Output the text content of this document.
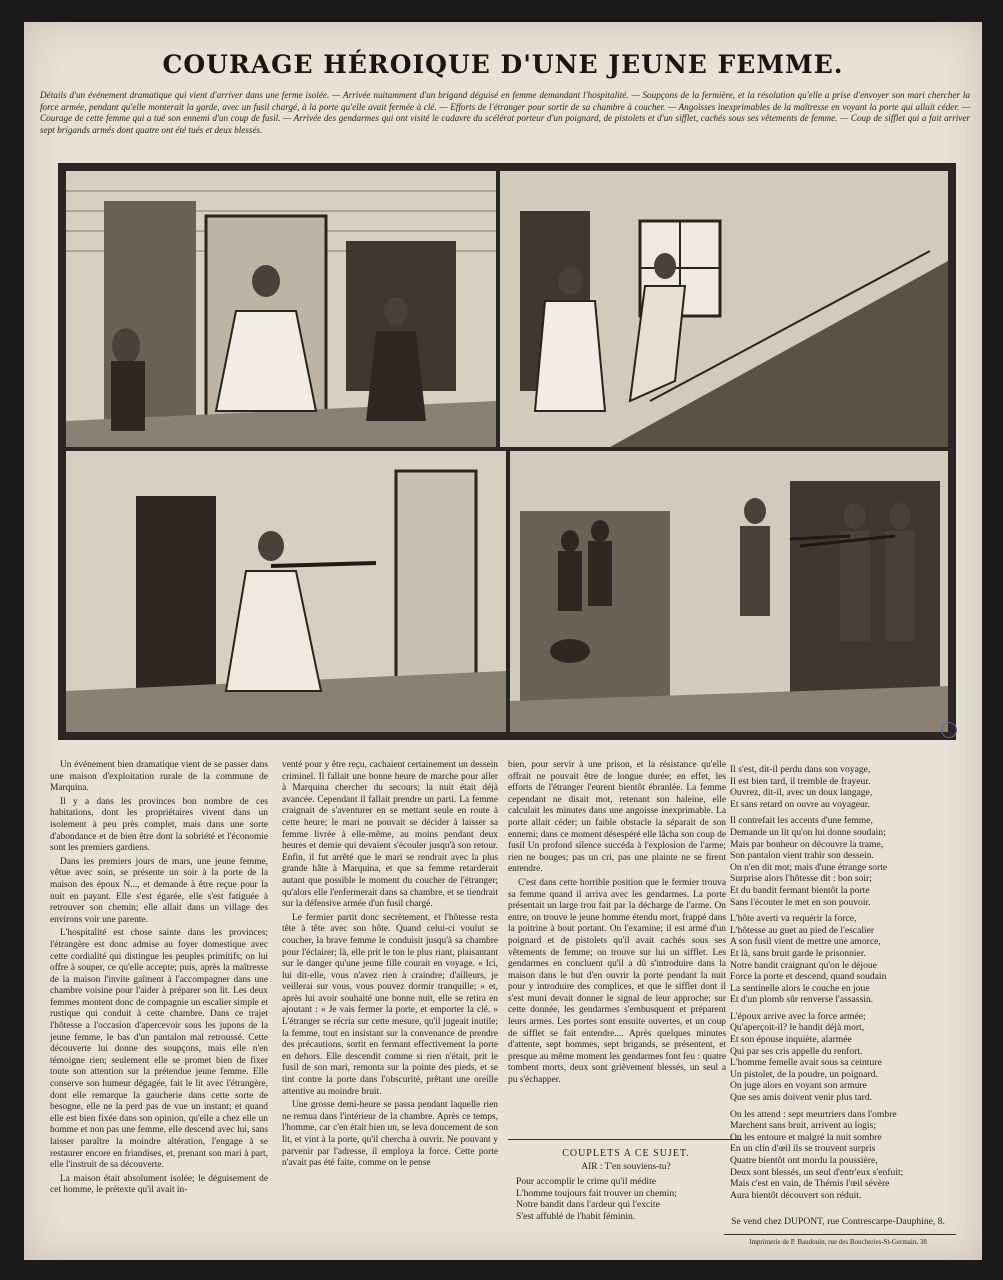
COURAGE HÉROIQUE D'UNE JEUNE FEMME.
Détails d'un événement dramatique qui vient d'arriver dans une ferme isolée. — Arrivée nuitamment d'un brigand déguisé en femme demandant l'hospitalité. — Soupçons de la fermière, et la résolution qu'elle a prise d'envoyer son mari chercher la force armée, pendant qu'elle monterait la garde, avec un fusil chargé, à la porte qu'elle avait fermée à clé. — Efforts de l'étranger pour sortir de sa chambre à coucher. — Angoisses inexprimables de la maîtresse en voyant la porte qui allait céder. — Courage de cette femme qui a tué son ennemi d'un coup de fusil. — Arrivée des gendarmes qui ont visité le cadavre du scélérat porteur d'un poignard, de pistolets et d'un sifflet, cachés sous ses vêtements de femme. — Coup de sifflet qui a fait arriver sept brigands armés dont quatre ont été tués et deux blessés.

Un événement bien dramatique vient de se passer dans une maison d'exploitation rurale de la commune de Marquina.

Il y a dans les provinces bon nombre de ces habitations, dont les propriétaires vivent dans un isolement à peu près complet, mais dans une sorte d'abondance et de bien être dont la sobriété et l'économie sont les premiers gardiens.

Dans les premiers jours de mars, une jeune femme, vêtue avec soin, se présente un soir à la porte de la maison des époux N..., et demande à être reçue pour la nuit en payant. Elle s'est égarée, elle s'est fatiguée à retrouver son chemin; elle allait dans un village des environs voir une parente.

L'hospitalité est chose sainte dans les provinces; l'étrangère est donc admise au foyer domestique avec cette cordialité qui distingue les peuples primitifs; on lui offre à souper, ce qu'elle accepte; puis, après la maîtresse de la maison l'invite gaîment à l'accompagner dans une chambre voisine pour l'aider à préparer son lit. Les deux femmes montent donc de compagnie un escalier simple et rustique qui conduit à cette chambre. Dans ce trajet l'hôtesse a l'occasion d'apercevoir sous les jupons de la jeune femme, le bas d'un pantalon mal retroussé. Cette découverte lui donne des soupçons, mais elle n'en témoigne rien; seulement elle se promet bien de fixer toute son attention sur la prétendue jeune femme. Elle conserve son humeur dégagée, fait le lit avec l'étrangère, dont elle remarque la gaucherie dans cette sorte de besogne, elle ne la perd pas de vue un instant; et quand elle est bien fixée dans son opinion, qu'elle a chez elle un homme et non pas une femme, elle descend avec lui, sans laisser paraître la moindre altération, l'engage à se restaurer encore en friandises, et, prenant son mari à part, elle l'instruit de sa découverte.

La maison était absolument isolée; le déguisement de cet homme, le prétexte qu'il avait in-

venté pour y être reçu, cachaient certainement un dessein criminel. Il fallait une bonne heure de marche pour aller à Marquina chercher du secours; la nuit était déjà avancée. Cependant il fallait prendre un parti. La femme craignait de s'aventurer en se mettant seule en route à cette heure; le mari ne pouvait se décider à laisser sa femme livrée à elle-même, au moins pendant deux heures et demie qui devaient s'écouler jusqu'à son retour. Enfin, il fut arrêté que le mari se rendrait avec la plus grande hâte à Marquina, et que sa femme retarderait autant que possible le moment du coucher de l'étranger; qu'alors elle l'enfermerait dans sa chambre, et se tiendrait sur la défensive armée d'un fusil chargé.

Le fermier partit donc secrètement, et l'hôtesse resta tête à tête avec son hôte. Quand celui-ci voulut se coucher, la brave femme le conduisit jusqu'à sa chambre pour l'éclairer; là, elle prit le ton le plus riant, plaisantant sur le danger qu'une jeune fille courait en voyage. « Ici, lui dit-elle, vous n'avez rien à craindre; d'ailleurs, je veillerai sur vous, vous pouvez dormir tranquille; » et, après lui avoir souhaité une bonne nuit, elle se retira en ajoutant : « Je vais fermer la porte, et emporter la clé. » L'étranger se récria sur cette mesure, qu'il jugeait inutile; la femme, tout en insistant sur la convenance de prendre des précautions, sortit en fermant effectivement la porte en dehors. Elle descendit comme si rien n'était, prit le fusil de son mari, remonta sur la pointe des pieds, et se tint contre la porte dans l'obscurité, prêtant une oreille attentive au moindre bruit.

Une grosse demi-heure se passa pendant laquelle rien ne remua dans l'intérieur de la chambre. Après ce temps, l'homme, car c'en était bien un, se leva doucement de son lit, et vint à la porte, qu'il chercha à ouvrir. Ne pouvant y parvenir par l'adresse, il employa la force. Cette porte n'avait pas été faite, comme on le pense

bien, pour servir à une prison, et la résistance qu'elle offrait ne pouvait être de longue durée; en effet, les efforts de l'étranger l'eurent bientôt ébranlée. La femme cependant ne disait mot, retenant son haleine, elle calculait les minutes dans une angoisse inexprimable. La porte allait céder; un faible obstacle la séparait de son ennemi; dans ce moment désespéré elle lâcha son coup de fusil Un profond silence succéda à l'explosion de l'arme; rien ne bouges; pas un cri, pas une plainte ne se firent entendre.

C'est dans cette horrible position que le fermier trouva sa femme quand il arriva avec les gendarmes. La porte présentait un large trou fait par la décharge de l'arme. On entre, on trouve le jeune homme étendu mort, frappé dans la poitrine à bout portant. On l'examine; il est armé d'un poignard et de pistolets qu'il avait cachés sous ses vêtements de femme; on trouve sur lui un sifflet. Les gendarmes en concluent qu'il a dû s'introduire dans la maison dans le but d'en ouvrir la porte pendant la nuit pour y introduire des complices, et que le sifflet dont il s'est muni devait donner le signal de leur approche; sur cette donnée, les gendarmes s'embusquent et préparent leurs armes. Les portes sont ensuite ouvertes, et un coup de sifflet se fait entendre.... Après quelques minutes d'attente, sept hommes, sept brigands, se présentent, et presque au même moment les gendarmes font feu : quatre tombent morts, deux sont grièvement blessés, un seul a pu s'échapper.

COUPLETS A CE SUJET.
AIR : T'en souviens-tu?
Pour accomplir le crime qu'il médite
L'homme toujours fait trouver un chemin;
Notre bandit dans l'ardeur qui l'excite
S'est affublé de l'habit féminin.
Il s'est, dit-il perdu dans son voyage,
Il est bien tard, il tremble de frayeur.
Ouvrez, dit-il, avec un doux langage,
Et sans retard on ouvre au voyageur.
Il contrefait les accents d'une femme,
Demande un lit qu'on lui donne soudain;
Mais par bonheur on découvre la trame,
Son pantalon vient trahir son dessein.
On n'en dit mot; mais d'une étrange sorte
Surprise alors l'hôtesse dit : bon soir;
Et du bandit fermant bientôt la porte
Sans l'écouter le met en son pouvoir.
L'hôte averti va requérir la force,
L'hôtesse au guet au pied de l'escalier
A son fusil vient de mettre une amorce,
Et là, sans bruit garde le prisonnier.
Notre bandit craignant qu'on le déjoue
Force la porte et descend, quand soudain
La sentinelle alors le couche en joue
Et d'un plomb sûr renverse l'assassin.
L'époux arrive avec la force armée;
Qu'aperçoit-il? le bandit déjà mort,
Et son épouse inquiète, alarmée
Qui par ses cris appelle du renfort.
L'homme femelle avait sous sa ceinture
Un pistolet, de la poudre, un poignard.
On juge alors en voyant son armure
Que ses amis doivent venir plus tard.
On les attend : sept meurtriers dans l'ombre
Marchent sans bruit, arrivent au logis;
On les entoure et malgré la nuit sombre
En un clin d'œil ils se trouvent surpris
Quatre bientôt ont mordu la poussière,
Deux sont blessés, un seul d'entr'eux s'enfuit;
Mais c'est en vain, de Thémis l'œil sévère
Aura bientôt découvert son réduit.
Se vend chez DUPONT, rue Contrescarpe-Dauphine, 8.
Imprimerie de P. Baudouin, rue des Boucheries-St-Germain, 38
